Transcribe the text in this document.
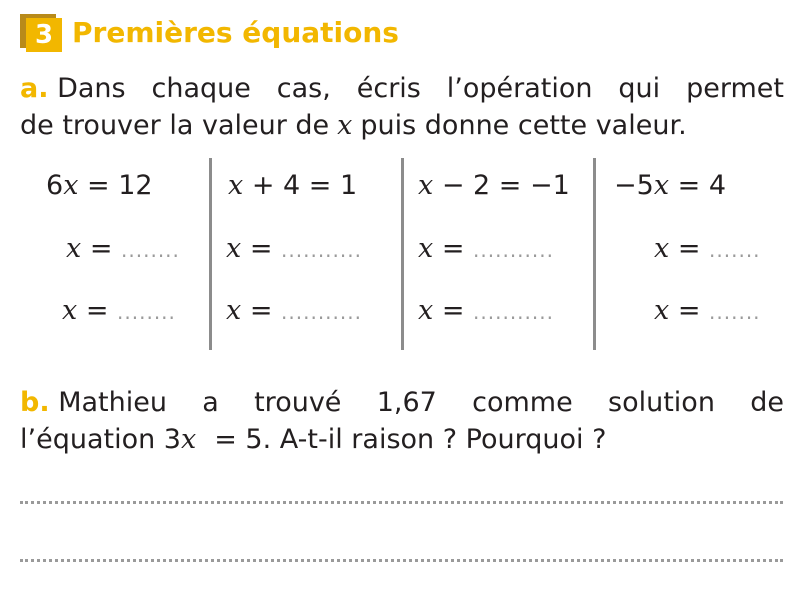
3 Premières équations
a. Dans chaque cas, écris l’opération qui permet
de trouver la valeur de x puis donne cette valeur.
6x = 12
x = ........
x = ........
x + 4 = 1
x = ...........
x = ...........
x − 2 = −1
x = ...........
x = ...........
−5x = 4
x = .......
x = .......
b. Mathieu a trouvé 1,67 comme solution de
l’équation 3 x = 5. A-t-il raison ? Pourquoi ?
